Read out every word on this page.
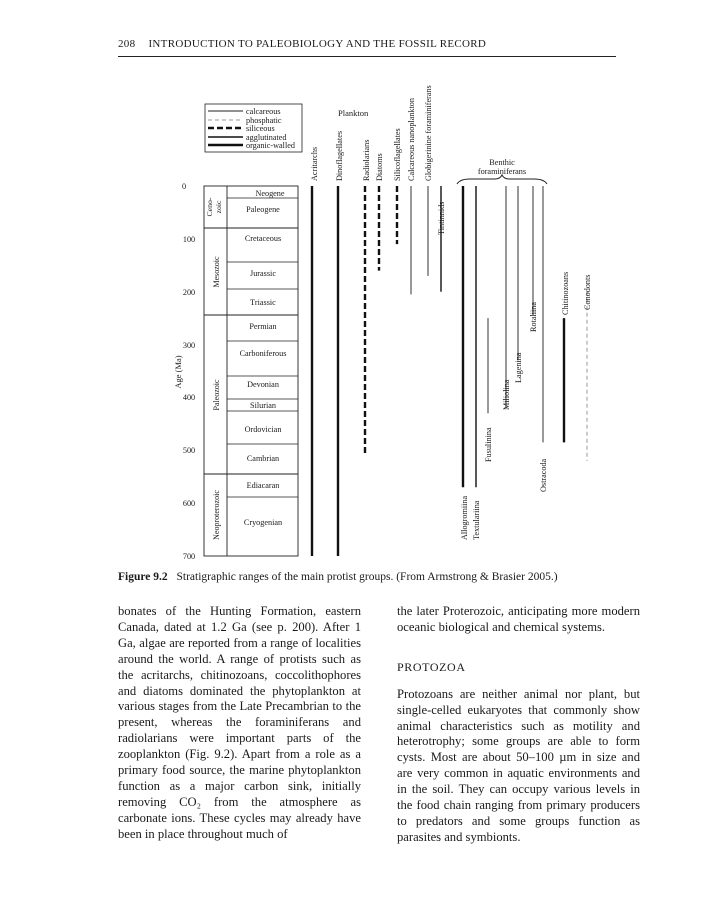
208 INTRODUCTION TO PALEOBIOLOGY AND THE FOSSIL RECORD
calcareous
phosphatic
siliceous
agglutinated
organic-walled
Plankton
Benthic
foraminiferans
Neogene
Paleogene
Cretaceous
Jurassic
Triassic
Permian
Carboniferous
Devonian
Silurian
Ordovician
Cambrian
Ediacaran
Cryogenian
Ceno- zoic
Mesozoic
Paleozoic
Neoproterozoic
0
100
200
300
400
500
600
700
Age (Ma)
Acritarchs Dinoflagellates Radiolarians Diatoms Silicoflagellates Calcareous nanoplankton Globigerinine foraminiferans
Tintinnids
Allogromiina Textulariina
Fusulinina
Miliolina
Lagenina
Rotaliina
Ostracoda
Chitinozoans Conodonts
Figure 9.2 Stratigraphic ranges of the main protist groups. (From Armstrong & Brasier 2005.)

bonates of the Hunting Formation, eastern Canada, dated at 1.2 Ga (see p. 200). After 1 Ga, algae are reported from a range of localities around the world. A range of protists such as the acritarchs, chitinozoans, coccolithophores and diatoms dominated the phytoplankton at various stages from the Late Precambrian to the present, whereas the foraminiferans and radiolarians were important parts of the zooplankton (Fig. 9.2). Apart from a role as a primary food source, the marine phytoplankton function as a major carbon sink, initially removing CO₂ from the atmosphere as carbonate ions. These cycles may already have been in place throughout much of

the later Proterozoic, anticipating more modern oceanic biological and chemical systems.

PROTOZOA

Protozoans are neither animal nor plant, but single-celled eukaryotes that commonly show animal characteristics such as motility and heterotrophy; some groups are able to form cysts. Most are about 50–100 µm in size and are very common in aquatic environments and in the soil. They can occupy various levels in the food chain ranging from primary producers to predators and some groups function as parasites and symbionts.
